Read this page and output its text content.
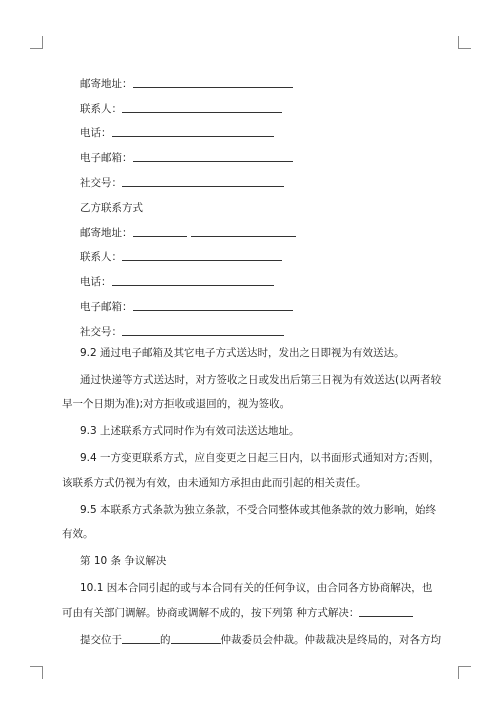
邮寄地址：
联系人：
电话：
电子邮箱：
社交号：
乙方联系方式
邮寄地址：
联系人：
电话：
电子邮箱：
社交号：

9.2 通过电子邮箱及其它电子方式送达时，发出之日即视为有效送达。

通过快递等方式送达时，对方签收之日或发出后第三日视为有效送达(以两者较早一个日期为准);对方拒收或退回的，视为签收。

9.3 上述联系方式同时作为有效司法送达地址。

9.4 一方变更联系方式，应自变更之日起三日内，以书面形式通知对方;否则，该联系方式仍视为有效，由未通知方承担由此而引起的相关责任。

9.5 本联系方式条款为独立条款，不受合同整体或其他条款的效力影响，始终有效。

第 10 条 争议解决

10.1 因本合同引起的或与本合同有关的任何争议，由合同各方协商解决，也可由有关部门调解。协商或调解不成的，按下列第 种方式解决：

提交位于	的	仲裁委员会仲裁。仲裁裁决是终局的，对各方均
